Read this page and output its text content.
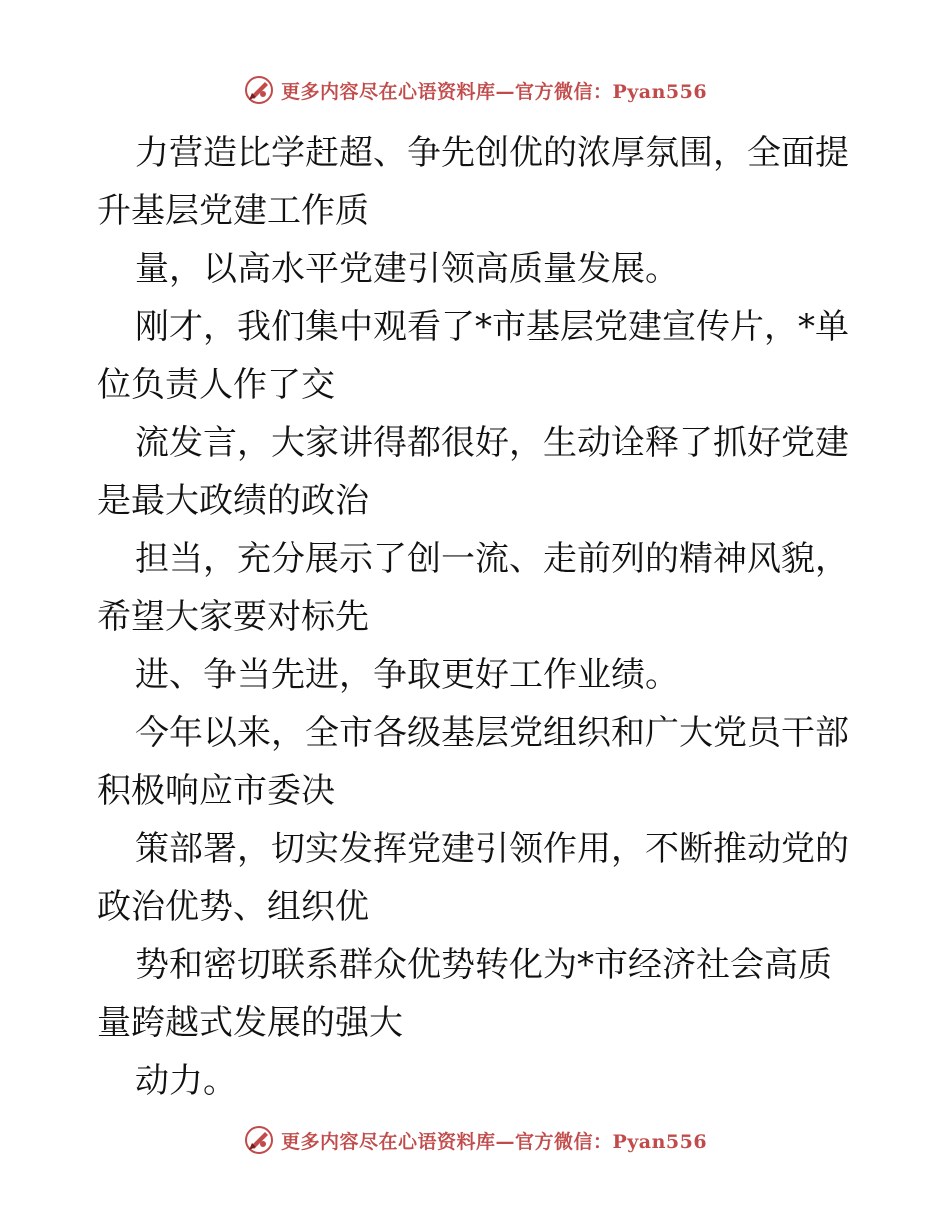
更多内容尽在心语资料库—官方微信：Pyan556
力营造比学赶超、争先创优的浓厚氛围，全面提
升基层党建工作质
量，以高水平党建引领高质量发展。
刚才，我们集中观看了*市基层党建宣传片，*单
位负责人作了交
流发言，大家讲得都很好，生动诠释了抓好党建
是最大政绩的政治
担当，充分展示了创一流、走前列的精神风貌，
希望大家要对标先
进、争当先进，争取更好工作业绩。
今年以来，全市各级基层党组织和广大党员干部
积极响应市委决
策部署，切实发挥党建引领作用，不断推动党的
政治优势、组织优
势和密切联系群众优势转化为*市经济社会高质
量跨越式发展的强大
动力。
更多内容尽在心语资料库—官方微信：Pyan556
